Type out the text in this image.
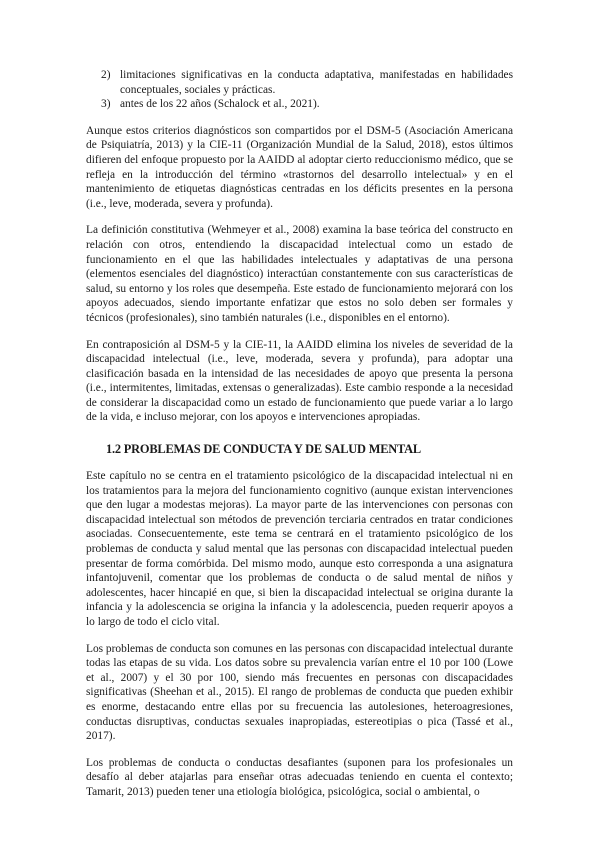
2) limitaciones significativas en la conducta adaptativa, manifestadas en habilidades conceptuales, sociales y prácticas.
3) antes de los 22 años (Schalock et al., 2021).

Aunque estos criterios diagnósticos son compartidos por el DSM-5 (Asociación Americana de Psiquiatría, 2013) y la CIE-11 (Organización Mundial de la Salud, 2018), estos últimos difieren del enfoque propuesto por la AAIDD al adoptar cierto reduccionismo médico, que se refleja en la introducción del término «trastornos del desarrollo intelectual» y en el mantenimiento de etiquetas diagnósticas centradas en los déficits presentes en la persona (i.e., leve, moderada, severa y profunda).

La definición constitutiva (Wehmeyer et al., 2008) examina la base teórica del constructo en relación con otros, entendiendo la discapacidad intelectual como un estado de funcionamiento en el que las habilidades intelectuales y adaptativas de una persona (elementos esenciales del diagnóstico) interactúan constantemente con sus características de salud, su entorno y los roles que desempeña. Este estado de funcionamiento mejorará con los apoyos adecuados, siendo importante enfatizar que estos no solo deben ser formales y técnicos (profesionales), sino también naturales (i.e., disponibles en el entorno).

En contraposición al DSM-5 y la CIE-11, la AAIDD elimina los niveles de severidad de la discapacidad intelectual (i.e., leve, moderada, severa y profunda), para adoptar una clasificación basada en la intensidad de las necesidades de apoyo que presenta la persona (i.e., intermitentes, limitadas, extensas o generalizadas). Este cambio responde a la necesidad de considerar la discapacidad como un estado de funcionamiento que puede variar a lo largo de la vida, e incluso mejorar, con los apoyos e intervenciones apropiadas.

1.2 PROBLEMAS DE CONDUCTA Y DE SALUD MENTAL

Este capítulo no se centra en el tratamiento psicológico de la discapacidad intelectual ni en los tratamientos para la mejora del funcionamiento cognitivo (aunque existan intervenciones que den lugar a modestas mejoras). La mayor parte de las intervenciones con personas con discapacidad intelectual son métodos de prevención terciaria centrados en tratar condiciones asociadas. Consecuentemente, este tema se centrará en el tratamiento psicológico de los problemas de conducta y salud mental que las personas con discapacidad intelectual pueden presentar de forma comórbida. Del mismo modo, aunque esto corresponda a una asignatura infantojuvenil, comentar que los problemas de conducta o de salud mental de niños y adolescentes, hacer hincapié en que, si bien la discapacidad intelectual se origina durante la infancia y la adolescencia se origina la infancia y la adolescencia, pueden requerir apoyos a lo largo de todo el ciclo vital.

Los problemas de conducta son comunes en las personas con discapacidad intelectual durante todas las etapas de su vida. Los datos sobre su prevalencia varían entre el 10 por 100 (Lowe et al., 2007) y el 30 por 100, siendo más frecuentes en personas con discapacidades significativas (Sheehan et al., 2015). El rango de problemas de conducta que pueden exhibir es enorme, destacando entre ellas por su frecuencia las autolesiones, heteroagresiones, conductas disruptivas, conductas sexuales inapropiadas, estereotipias o pica (Tassé et al., 2017).

Los problemas de conducta o conductas desafiantes (suponen para los profesionales un desafío al deber atajarlas para enseñar otras adecuadas teniendo en cuenta el contexto; Tamarit, 2013) pueden tener una etiología biológica, psicológica, social o ambiental, o
